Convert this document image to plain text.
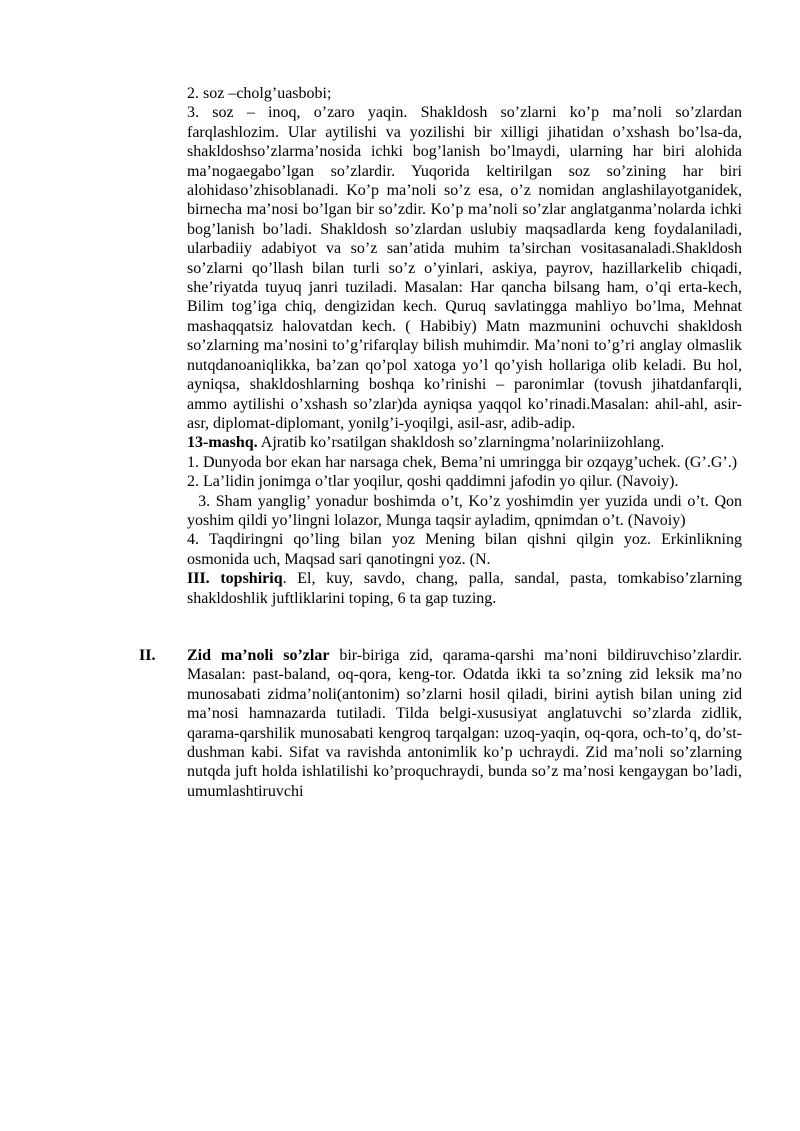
2. soz –cholg’uasbobi;

3. soz – inoq, o’zaro yaqin. Shakldosh so’zlarni ko’p ma’noli so’zlardan farqlashlozim. Ular aytilishi va yozilishi bir xilligi jihatidan o’xshash bo’lsa-da, shakldoshso’zlarma’nosida ichki bog’lanish bo’lmaydi, ularning har biri alohida ma’nogaegabo’lgan so’zlardir. Yuqorida keltirilgan soz so’zining har biri alohidaso’zhisoblanadi. Ko’p ma’noli so’z esa, o’z nomidan anglashilayotganidek, birnecha ma’nosi bo’lgan bir so’zdir. Ko’p ma’noli so’zlar anglatganma’nolarda ichki bog’lanish bo’ladi. Shakldosh so’zlardan uslubiy maqsadlarda keng foydalaniladi, ularbadiiy adabiyot va so’z san’atida muhim ta’sirchan vositasanaladi.Shakldosh so’zlarni qo’llash bilan turli so’z o’yinlari, askiya, payrov, hazillarkelib chiqadi, she’riyatda tuyuq janri tuziladi. Masalan: Har qancha bilsang ham, o’qi erta-kech, Bilim tog’iga chiq, dengizidan kech. Quruq savlatingga mahliyo bo’lma, Mehnat mashaqqatsiz halovatdan kech. ( Habibiy) Matn mazmunini ochuvchi shakldosh so’zlarning ma’nosini to’g’rifarqlay bilish muhimdir. Ma’noni to’g’ri anglay olmaslik nutqdanoaniqlikka, ba’zan qo’pol xatoga yo’l qo’yish hollariga olib keladi. Bu hol, ayniqsa, shakldoshlarning boshqa ko’rinishi – paronimlar (tovush jihatdanfarqli, ammo aytilishi o’xshash so’zlar)da ayniqsa yaqqol ko’rinadi.Masalan: ahil-ahl, asir-asr, diplomat-diplomant, yonilg’i-yoqilgi, asil-asr, adib-adip.

13-mashq. Ajratib ko’rsatilgan shakldosh so’zlarningma’nolariniizohlang.

1. Dunyoda bor ekan har narsaga chek, Bema’ni umringga bir ozqayg’uchek. (G’.G’.)

2. La’lidin jonimga o’tlar yoqilur, qoshi qaddimni jafodin yo qilur. (Navoiy).

3. Sham yanglig’ yonadur boshimda o’t, Ko’z yoshimdin yer yuzida undi o’t. Qon yoshim qildi yo’lingni lolazor, Munga taqsir ayladim, qpnimdan o’t. (Navoiy)

4. Taqdiringni qo’ling bilan yoz Mening bilan qishni qilgin yoz. Erkinlikning osmonida uch, Maqsad sari qanotingni yoz. (N.

III. topshiriq. El, kuy, savdo, chang, palla, sandal, pasta, tomkabiso’zlarning shakldoshlik juftliklarini toping, 6 ta gap tuzing.

II. Zid ma’noli so’zlar bir-biriga zid, qarama-qarshi ma’noni bildiruvchiso’zlardir. Masalan: past-baland, oq-qora, keng-tor. Odatda ikki ta so’zning zid leksik ma’no munosabati zidma’noli(antonim) so’zlarni hosil qiladi, birini aytish bilan uning zid ma’nosi hamnazarda tutiladi. Tilda belgi-xususiyat anglatuvchi so’zlarda zidlik, qarama-qarshilik munosabati kengroq tarqalgan: uzoq-yaqin, oq-qora, och-to’q, do’st-dushman kabi. Sifat va ravishda antonimlik ko’p uchraydi. Zid ma’noli so’zlarning nutqda juft holda ishlatilishi ko’proquchraydi, bunda so’z ma’nosi kengaygan bo’ladi, umumlashtiruvchi
